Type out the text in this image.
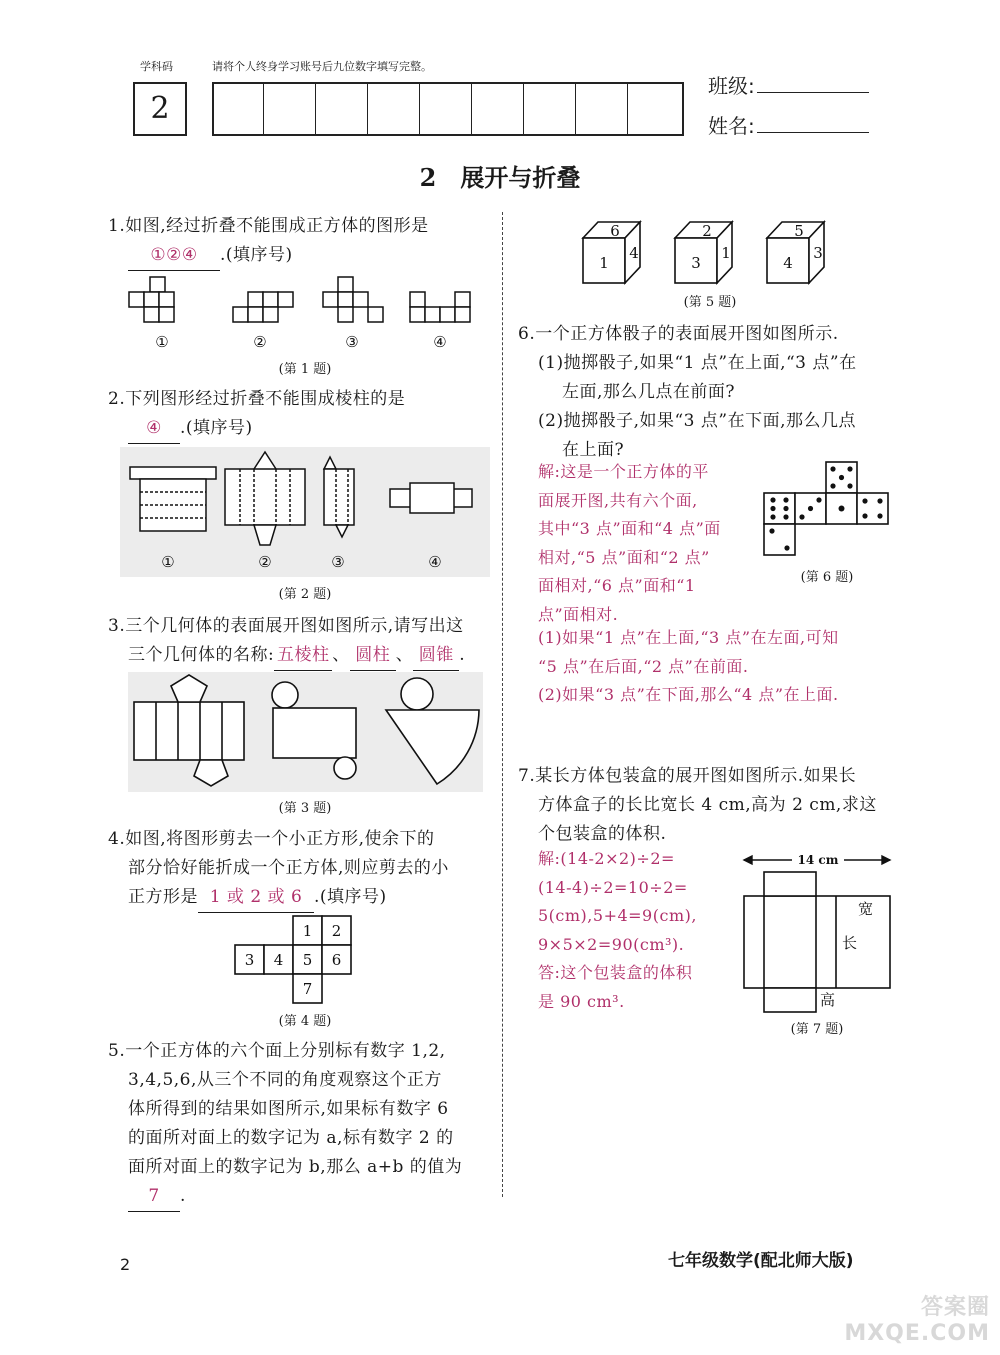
学科码
2
请将个人终身学习账号后九位数字填写完整。
班级:
姓名:
2　展开与折叠
1.如图,经过折叠不能围成正方体的图形是
①②④ .(填序号)
①	②	③	④
(第 1 题)
2.下列图形经过折叠不能围成棱柱的是
④ .(填序号)
①	②	③	④
(第 2 题)
3.三个几何体的表面展开图如图所示,请写出这
三个几何体的名称: 五棱柱 、 圆柱 、 圆锥 .
(第 3 题)
4.如图,将图形剪去一个小正方形,使余下的
部分恰好能折成一个正方体,则应剪去的小
正方形是 1 或 2 或 6 .(填序号)
1 2
3 4 5 6
7
(第 4 题)
5.一个正方体的六个面上分别标有数字 1,2,
3,4,5,6,从三个不同的角度观察这个正方
体所得到的结果如图所示,如果标有数字 6
的面所对面上的数字记为 a,标有数字 2 的
面所对面上的数字记为 b,那么 a+b 的值为
7 .
6
1
4
2
3
1
5
4
3
(第 5 题)
6.一个正方体骰子的表面展开图如图所示.
(1)抛掷骰子,如果“1 点”在上面,“3 点”在
左面,那么几点在前面?
(2)抛掷骰子,如果“3 点”在下面,那么几点
在上面?
解:这是一个正方体的平
面展开图,共有六个面,
其中“3 点”面和“4 点”面
相对,“5 点”面和“2 点”
面相对,“6 点”面和“1
点”面相对.
(第 6 题)
(1)如果“1 点”在上面,“3 点”在左面,可知
“5 点”在后面,“2 点”在前面.
(2)如果“3 点”在下面,那么“4 点”在上面.
7.某长方体包装盒的展开图如图所示.如果长
方体盒子的长比宽长 4 cm,高为 2 cm,求这
个包装盒的体积.
解:(14-2×2)÷2=
(14-4)÷2=10÷2=
5(cm),5+4=9(cm),
9×5×2=90(cm³).
答:这个包装盒的体积
是 90 cm³.
14 cm
宽
长
高
(第 7 题)
2	七年级数学(配北师大版)
答案圈 MXQE.COM
